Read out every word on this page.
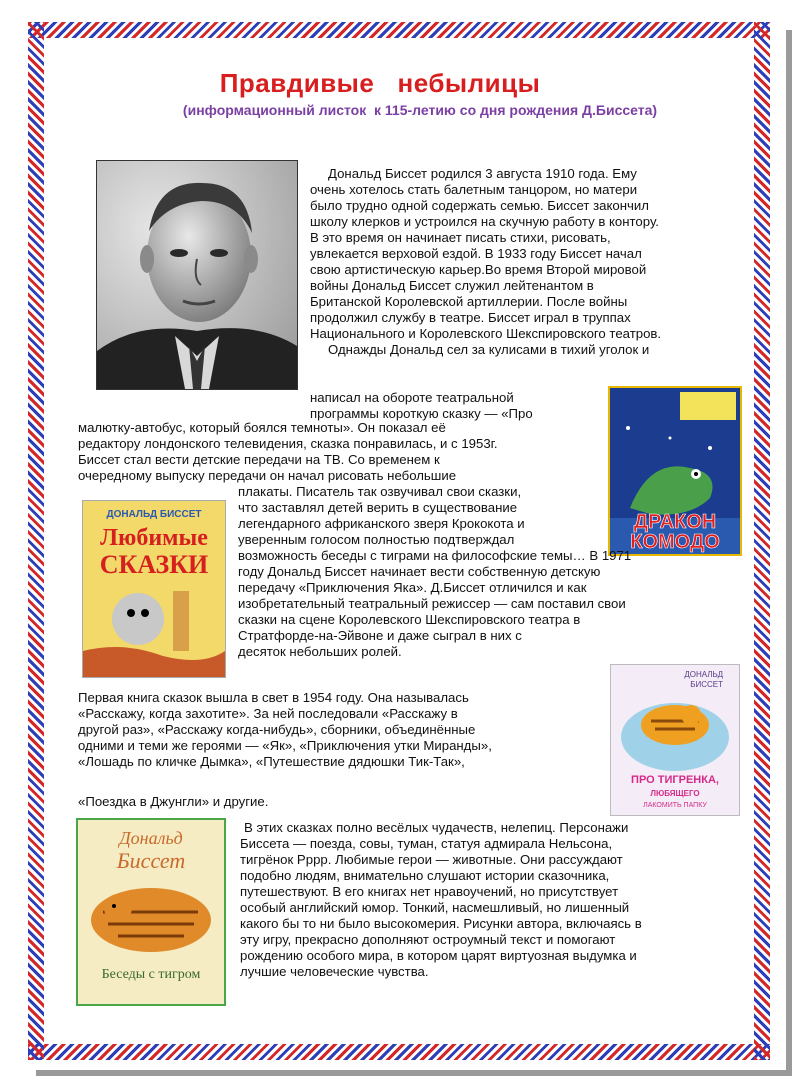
Правдивые   небылицы
(информационный листок  к 115-летию со дня рождения Д.Биссета)
ДРАКОН
КОМОДО
ДОНАЛЬД БИССЕТ
Любимые
СКАЗКИ
ДОНАЛЬД
БИССЕТ
ПРО ТИГРЕНКА,
ЛЮБЯЩЕГО
ЛАКОМИТЬ ПАПКУ
Дональд
Биссет
Беседы с тигром
Дональд Биссет родился 3 августа 1910 года. Ему
очень хотелось стать балетным танцором, но матери
было трудно одной содержать семью. Биссет закончил
школу клерков и устроился на скучную работу в контору.
В это время он начинает писать стихи, рисовать,
увлекается верховой ездой. В 1933 году Биссет начал
свою артистическую карьер.Во время Второй мировой
войны Дональд Биссет служил лейтенантом в
Британской Королевской артиллерии. После войны
продолжил службу в театре. Биссет играл в труппах
Национального и Королевского Шекспировского театров.
Однажды Дональд сел за кулисами в тихий уголок и
написал на обороте театральной
программы короткую сказку — «Про
малютку-автобус, который боялся темноты». Он показал её
редактору лондонского телевидения, сказка понравилась, и с 1953г.
Биссет стал вести детские передачи на ТВ. Со временем к
очередному выпуску передачи он начал рисовать небольшие
плакаты. Писатель так озвучивал свои сказки,
что заставлял детей верить в существование
легендарного африканского зверя Крококота и
уверенным голосом полностью подтверждал
возможность беседы с тиграми на философские темы… В 1971
году Дональд Биссет начинает вести собственную детскую
передачу «Приключения Яка». Д.Биссет отличился и как
изобретательный театральный режиссер — сам поставил свои
сказки на сцене Королевского Шекспировского театра в
Стратфорде-на-Эйвоне и даже сыграл в них с
десяток небольших ролей.
Первая книга сказок вышла в свет в 1954 году. Она называлась
«Расскажу, когда захотите». За ней последовали «Расскажу в
другой раз», «Расскажу когда-нибудь», сборники, объединённые
одними и теми же героями — «Як», «Приключения утки Миранды»,
«Лошадь по кличке Дымка», «Путешествие дядюшки Тик-Так»,
«Поездка в Джунгли» и другие.
В этих сказках полно весёлых чудачеств, нелепиц. Персонажи
Биссета — поезда, совы, туман, статуя адмирала Нельсона,
тигрёнок Рррр. Любимые герои — животные. Они рассуждают
подобно людям, внимательно слушают истории сказочника,
путешествуют. В его книгах нет нравоучений, но присутствует
особый английский юмор. Тонкий, насмешливый, но лишенный
какого бы то ни было высокомерия. Рисунки автора, включаясь в
эту игру, прекрасно дополняют остроумный текст и помогают
рождению особого мира, в котором царят виртуозная выдумка и
лучшие человеческие чувства.
